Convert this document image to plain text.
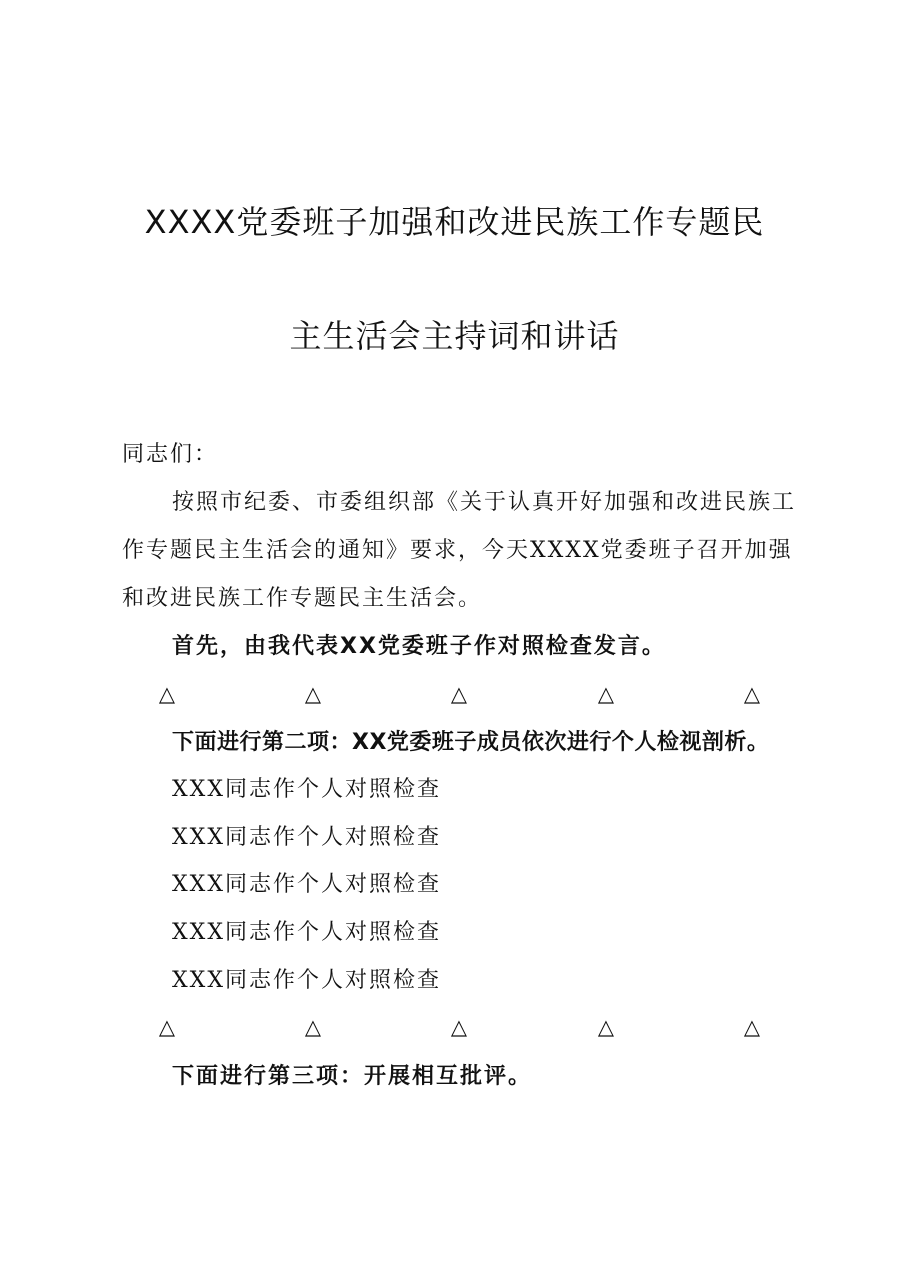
XXXX党委班子加强和改进民族工作专题民
主生活会主持词和讲话
同志们：
按照市纪委、市委组织部《关于认真开好加强和改进民族工作专题民主生活会的通知》要求，今天XXXX党委班子召开加强和改进民族工作专题民主生活会。
首先，由我代表XX党委班子作对照检查发言。
△	△	△	△	△
下面进行第二项：XX党委班子成员依次进行个人检视剖析。
XXX同志作个人对照检查
XXX同志作个人对照检查
XXX同志作个人对照检查
XXX同志作个人对照检查
XXX同志作个人对照检查
△	△	△	△	△
下面进行第三项：开展相互批评。
